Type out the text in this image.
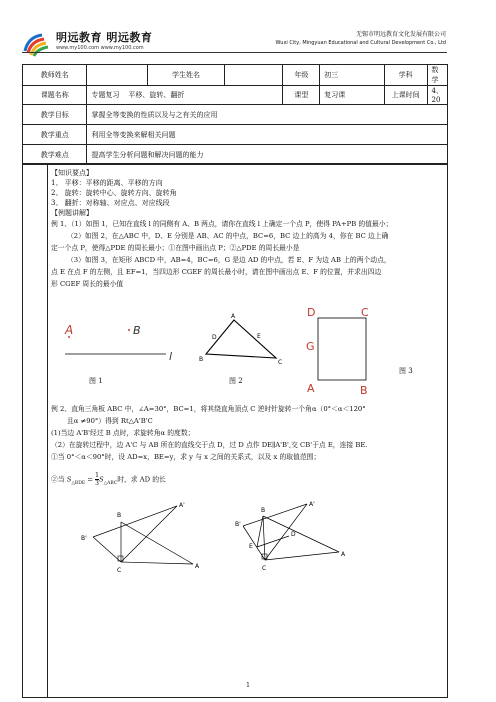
明远教育 明远教育
www.my100.com www.my100.com
无锡市明远教育文化发展有限公司
Wuxi City, Mingyuan Educational and Cultural Development Co., Ltd
教师姓名		学生姓名		年级	初三	学科	数学
课题名称	专题复习    平移、旋转、翻折			课型	复习课	上课时间	4、20
教学目标	掌握全等变换的性质以及与之有关的应用						
教学重点	利用全等变换来解相关问题						
教学难点	提高学生分析问题和解决问题的能力						
【知识要点】
1、 平移：平移的距离、平移的方向
2、 旋转：旋转中心、旋转方向、旋转角
3、 翻折：对称轴、对应点、对应线段
【例题讲解】
例 1、（1）如图 1，已知在直线 l 的同侧有 A、B 两点，请你在直线 l 上确定一个点 P，使得 PA+PB 的值最小；
（2）如图 2，在△ABC 中，D、E 分别是 AB、AC 的中点，BC=6，BC 边上的高为 4，你在 BC 边上确
定一个点 P，使得△PDE 的周长最小；①在图中画出点 P；②△PDE 的周长最小是
（3）如图 3，在矩形 ABCD 中，AB=4，BC=6，G 是边 AD 的中点，若 E、F 为边 AB 上的两个动点，
点 E 在点 F 的左侧，且 EF=1，当四边形 CGEF 的周长最小时，请在图中画出点 E、F 的位置，并求出四边
形 CGEF 周长的最小值
A	B
l
图 1
A
B	C
D	E
图 2
D	C
G
A	B
图 3
例 2、直角三角板 ABC 中，∠A=30°，BC=1，将其绕直角顶点 C 逆时针旋转一个角α（0°＜α＜120°
且α ≠90°）得到 Rt△A'B'C
(1)当边 A'B'经过 B 点时，求旋转角α 的度数；
（2）在旋转过程中，边 A'C 与 AB 所在的直线交于点 D，过 D 点作 DE∥A'B',交 CB'于点 E，连接 BE.
①当 0°＜α＜90°时，设 AD=x，BE=y，求 y 与 x 之间的关系式，以及 x 的取值范围；
②当 $S_{\triangle BDE} = \frac{1}{3} S_{\triangle ABC}$时，求 AD 的长
A'
B
B'
C
A
A'
B
B'
D
E
C
A
1
